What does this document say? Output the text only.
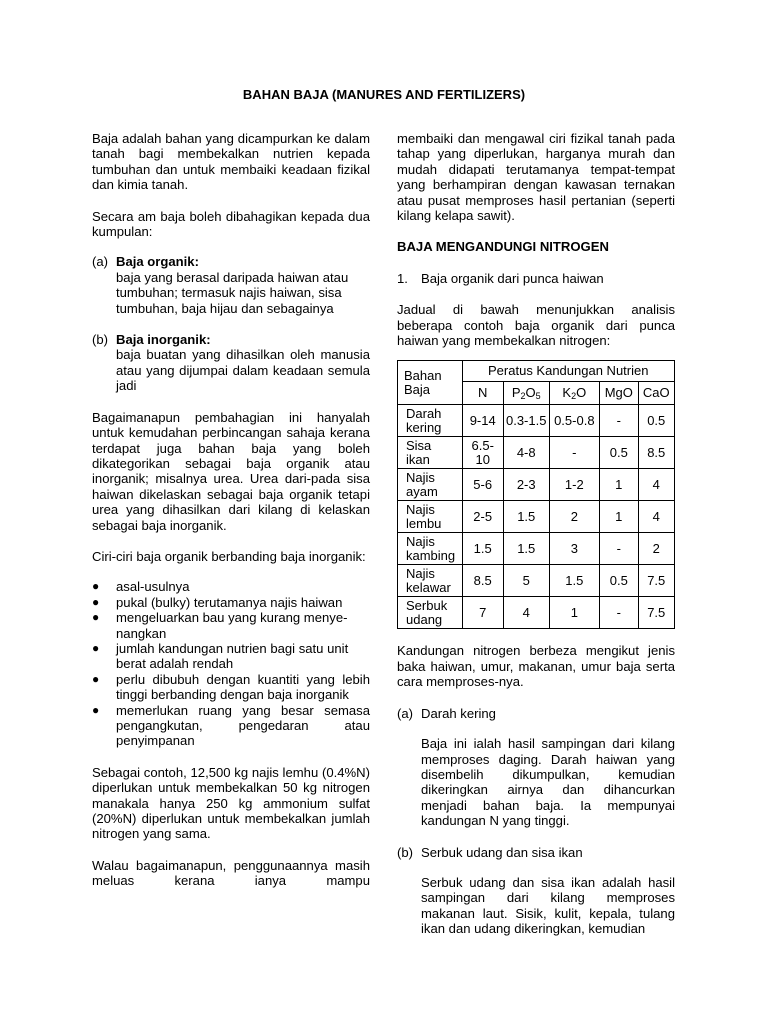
BAHAN BAJA (MANURES AND FERTILIZERS)

Baja adalah bahan yang dicampurkan ke dalam tanah bagi membekalkan nutrien kepada tumbuhan dan untuk membaiki keadaan fizikal dan kimia tanah.

Secara am baja boleh dibahagikan kepada dua kumpulan:

(a) Baja organik:
baja yang berasal daripada haiwan atau tumbuhan; termasuk najis haiwan, sisa tumbuhan, baja hijau dan sebagainya
(b) Baja inorganik:
baja buatan yang dihasilkan oleh manusia atau yang dijumpai dalam keadaan semula jadi

Bagaimanapun pembahagian ini hanyalah untuk kemudahan perbincangan sahaja kerana terdapat juga bahan baja yang boleh dikategorikan sebagai baja organik atau inorganik; misalnya urea. Urea dari-pada sisa haiwan dikelaskan sebagai baja organik tetapi urea yang dihasilkan dari kilang di kelaskan sebagai baja inorganik.

Ciri-ciri baja organik berbanding baja inorganik:

●	asal-usulnya
●	pukal (bulky) terutamanya najis haiwan
●	mengeluarkan bau yang kurang menye-nangkan
●	jumlah kandungan nutrien bagi satu unit berat adalah rendah
●	perlu dibubuh dengan kuantiti yang lebih tinggi berbanding dengan baja inorganik
●	memerlukan ruang yang besar semasa pengangkutan, pengedaran atau penyimpanan

Sebagai contoh, 12,500 kg najis lemhu (0.4%N) diperlukan untuk membekalkan 50 kg nitrogen manakala hanya 250 kg ammonium sulfat (20%N) diperlukan untuk membekalkan jumlah nitrogen yang sama.

Walau bagaimanapun, penggunaannya masih meluas kerana ianya mampu

membaiki dan mengawal ciri fizikal tanah pada tahap yang diperlukan, harganya murah dan mudah didapati terutamanya tempat-tempat yang berhampiran dengan kawasan ternakan atau pusat memproses hasil pertanian (seperti kilang kelapa sawit).

BAJA MENGANDUNGI NITROGEN

1. Baja organik dari punca haiwan

Jadual di bawah menunjukkan analisis beberapa contoh baja organik dari punca haiwan yang membekalkan nitrogen:

Bahan
Baja	Peratus Kandungan Nutrien				
	N	$P_2O_5$	$K_2O$	MgO	CaO
Darah
kering	9-14	0.3-1.5	0.5-0.8	-	0.5
Sisa
ikan	6.5-10	4-8	-	0.5	8.5
Najis
ayam	5-6	2-3	1-2	1	4
Najis
lembu	2-5	1.5	2	1	4
Najis
kambing	1.5	1.5	3	-	2
Najis
kelawar	8.5	5	1.5	0.5	7.5
Serbuk
udang	7	4	1	-	7.5

Kandungan nitrogen berbeza mengikut jenis baka haiwan, umur, makanan, umur baja serta cara memproses-nya.

(a) Darah kering

Baja ini ialah hasil sampingan dari kilang memproses daging. Darah haiwan yang disembelih dikumpulkan, kemudian dikeringkan airnya dan dihancurkan menjadi bahan baja. Ia mempunyai kandungan N yang tinggi.

(b) Serbuk udang dan sisa ikan

Serbuk udang dan sisa ikan adalah hasil sampingan dari kilang memproses makanan laut. Sisik, kulit, kepala, tulang ikan dan udang dikeringkan, kemudian
